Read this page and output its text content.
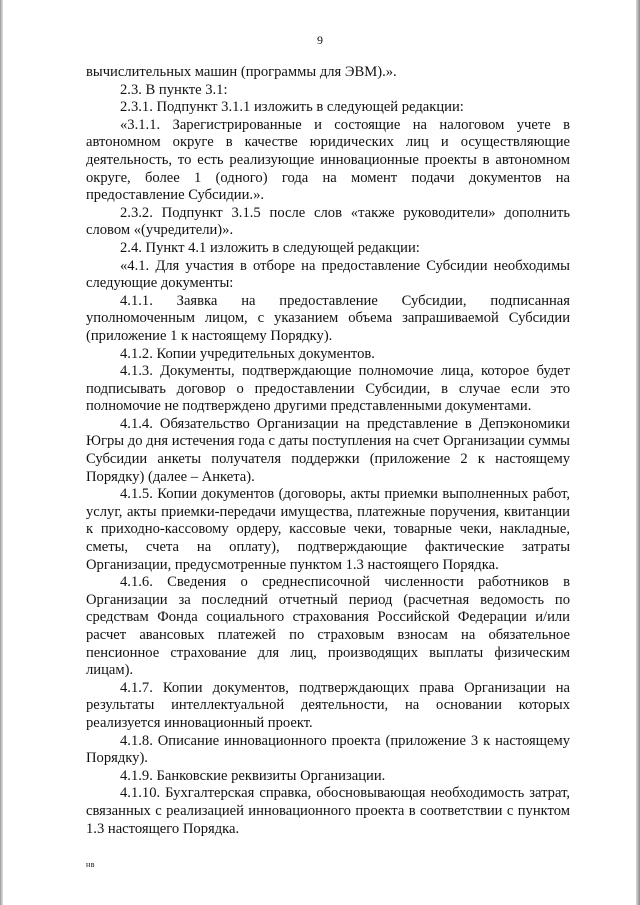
9

вычислительных машин (программы для ЭВМ).».

2.3. В пункте 3.1:

2.3.1. Подпункт 3.1.1 изложить в следующей редакции:

«3.1.1. Зарегистрированные и состоящие на налоговом учете в автономном округе в качестве юридических лиц и осуществляющие деятельность, то есть реализующие инновационные проекты в автономном округе, более 1 (одного) года на момент подачи документов на предоставление Субсидии.».

2.3.2. Подпункт 3.1.5 после слов «также руководители» дополнить словом «(учредители)».

2.4. Пункт 4.1 изложить в следующей редакции:

«4.1. Для участия в отборе на предоставление Субсидии необходимы следующие документы:

4.1.1. Заявка на предоставление Субсидии, подписанная уполномоченным лицом, с указанием объема запрашиваемой Субсидии (приложение 1 к настоящему Порядку).

4.1.2. Копии учредительных документов.

4.1.3. Документы, подтверждающие полномочие лица, которое будет подписывать договор о предоставлении Субсидии, в случае если это полномочие не подтверждено другими представленными документами.

4.1.4. Обязательство Организации на представление в Депэкономики Югры до дня истечения года с даты поступления на счет Организации суммы Субсидии анкеты получателя поддержки (приложение 2 к настоящему Порядку) (далее – Анкета).

4.1.5. Копии документов (договоры, акты приемки выполненных работ, услуг, акты приемки-передачи имущества, платежные поручения, квитанции к приходно-кассовому ордеру, кассовые чеки, товарные чеки, накладные, сметы, счета на оплату), подтверждающие фактические затраты Организации, предусмотренные пунктом 1.3 настоящего Порядка.

4.1.6. Сведения о среднесписочной численности работников в Организации за последний отчетный период (расчетная ведомость по средствам Фонда социального страхования Российской Федерации и/или расчет авансовых платежей по страховым взносам на обязательное пенсионное страхование для лиц, производящих выплаты физическим лицам).

4.1.7. Копии документов, подтверждающих права Организации на результаты интеллектуальной деятельности, на основании которых реализуется инновационный проект.

4.1.8. Описание инновационного проекта (приложение 3 к настоящему Порядку).

4.1.9. Банковские реквизиты Организации.

4.1.10. Бухгалтерская справка, обосновывающая необходимость затрат, связанных с реализацией инновационного проекта в соответствии с пунктом 1.3 настоящего Порядка.

нв
